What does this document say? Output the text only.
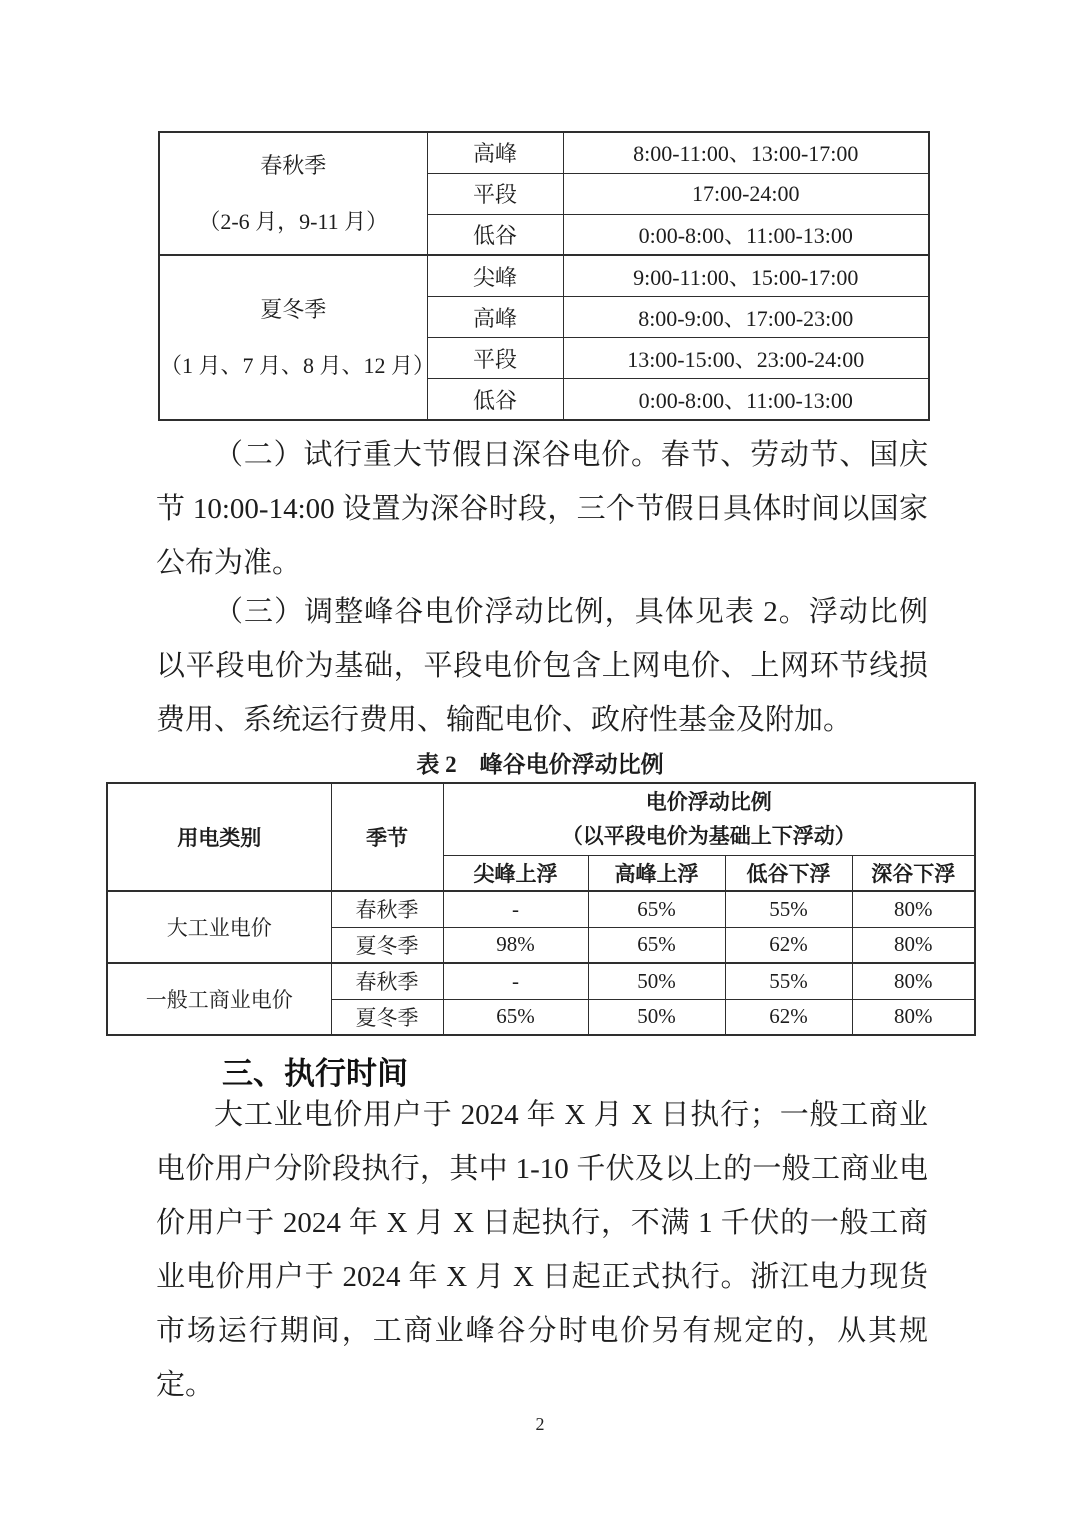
春秋季
（2-6 月，9-11 月）	高峰	8:00-11:00、13:00-17:00
	平段	17:00-24:00
	低谷	0:00-8:00、11:00-13:00

夏冬季
（1 月、7 月、8 月、12 月）	尖峰	9:00-11:00、15:00-17:00
	高峰	8:00-9:00、17:00-23:00
	平段	13:00-15:00、23:00-24:00
	低谷	0:00-8:00、11:00-13:00

（二）试行重大节假日深谷电价。春节、劳动节、国庆节 10:00-14:00 设置为深谷时段，三个节假日具体时间以国家公布为准。

（三）调整峰谷电价浮动比例，具体见表 2。浮动比例以平段电价为基础，平段电价包含上网电价、上网环节线损费用、系统运行费用、输配电价、政府性基金及附加。

表 2　峰谷电价浮动比例
用电类别	季节	电价浮动比例
（以平段电价为基础上下浮动）			

		尖峰上浮	高峰上浮	低谷下浮	深谷下浮
大工业电价	春秋季	-	65%	55%	80%
	夏冬季	98%	65%	62%	80%
一般工商业电价	春秋季	-	50%	55%	80%
	夏冬季	65%	50%	62%	80%
三、执行时间

大工业电价用户于 2024 年 X 月 X 日执行；一般工商业电价用户分阶段执行，其中 1-10 千伏及以上的一般工商业电价用户于 2024 年 X 月 X 日起执行，不满 1 千伏的一般工商业电价用户于 2024 年 X 月 X 日起正式执行。浙江电力现货市场运行期间，工商业峰谷分时电价另有规定的，从其规定。

2
